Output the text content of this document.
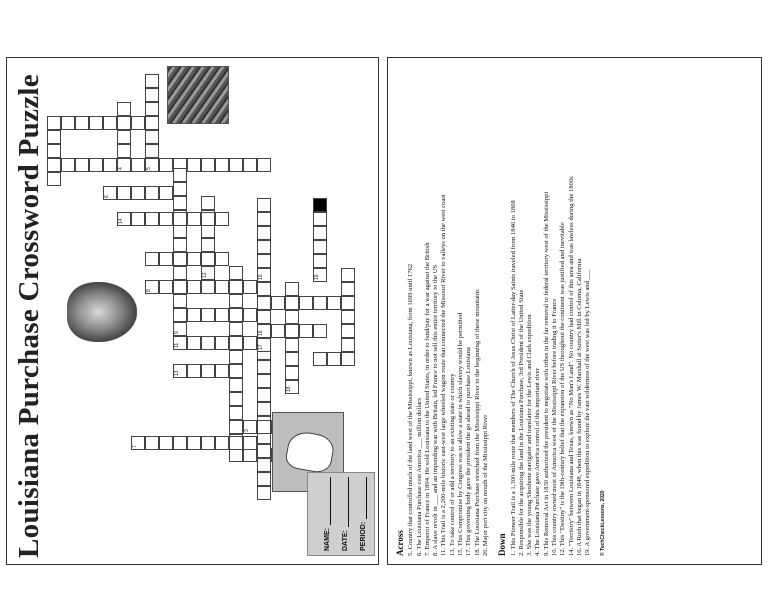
Louisiana Purchase Crossword Puzzle	4	5
6
8
9
11
13
3
12
14
17
16
15
18
7
19
NAME: DATE: PERIOD:	Across 5. Country that controlled much of the land west of the Mississippi, known as Louisiana, from 1699 until 1762 6. The Louisiana Purchase cost America ___ million dollars 7. Emperor of France in 1804. He sold Louisiana to the United States, in order to fund/pay for a war against the British 8. A slave revolt in ___ and an impending war with Britain, led France to not sell this entire territory to the US 11. This Trail is a 2,200-mile historic east-west large wheeled wagon route that connected the Missouri River to valleys on the west coast 13. To take control of or add a territory to an existing state or country 15. This Compromise by Congress was to allow a state in which slavery would be permitted 17. This governing body gave the president the go ahead to purchase Louisiana 18. The Louisiana Purchase stretched from the Mississippi River to the beginning of these mountains 20. Major port city on mouth of the Mississippi River Down 1. This Pioneer Trail is a 1,300-mile route that members of The Church of Jesus Christ of Latter-day Saints traveled from 1846 to 1868 2. Responsible for the acquiring the land in the Louisiana Purchase, 3rd President of the United State 3. She was the young Shoshone navigator and translator for the Lewis and Clark expedition 4. The Louisiana Purchase gave America control of this important river 9. This Removal Act in 1830 authorized the president to negotiate with tribes in the far removal to federal territory west of the Mississippi 10. This country owned most of America west of the Mississippi River before trading it to France 12. This "Destiny" is the 19th-century belief that the expansion of the US throughout the continent was justified and inevitable 14. "Territory" between Louisiana and Texas, known as "No Man's Land". No country had control of this area and was lawless during the 1800s 16. A Rush that began in 1848, when this was found by James W. Marshall at Sutter's Mill in Coloma, California 19. A government-sponsored expedition to explore the vast wilderness of the west was led by Lewis and ___ © TechCheckLessons, 2020
